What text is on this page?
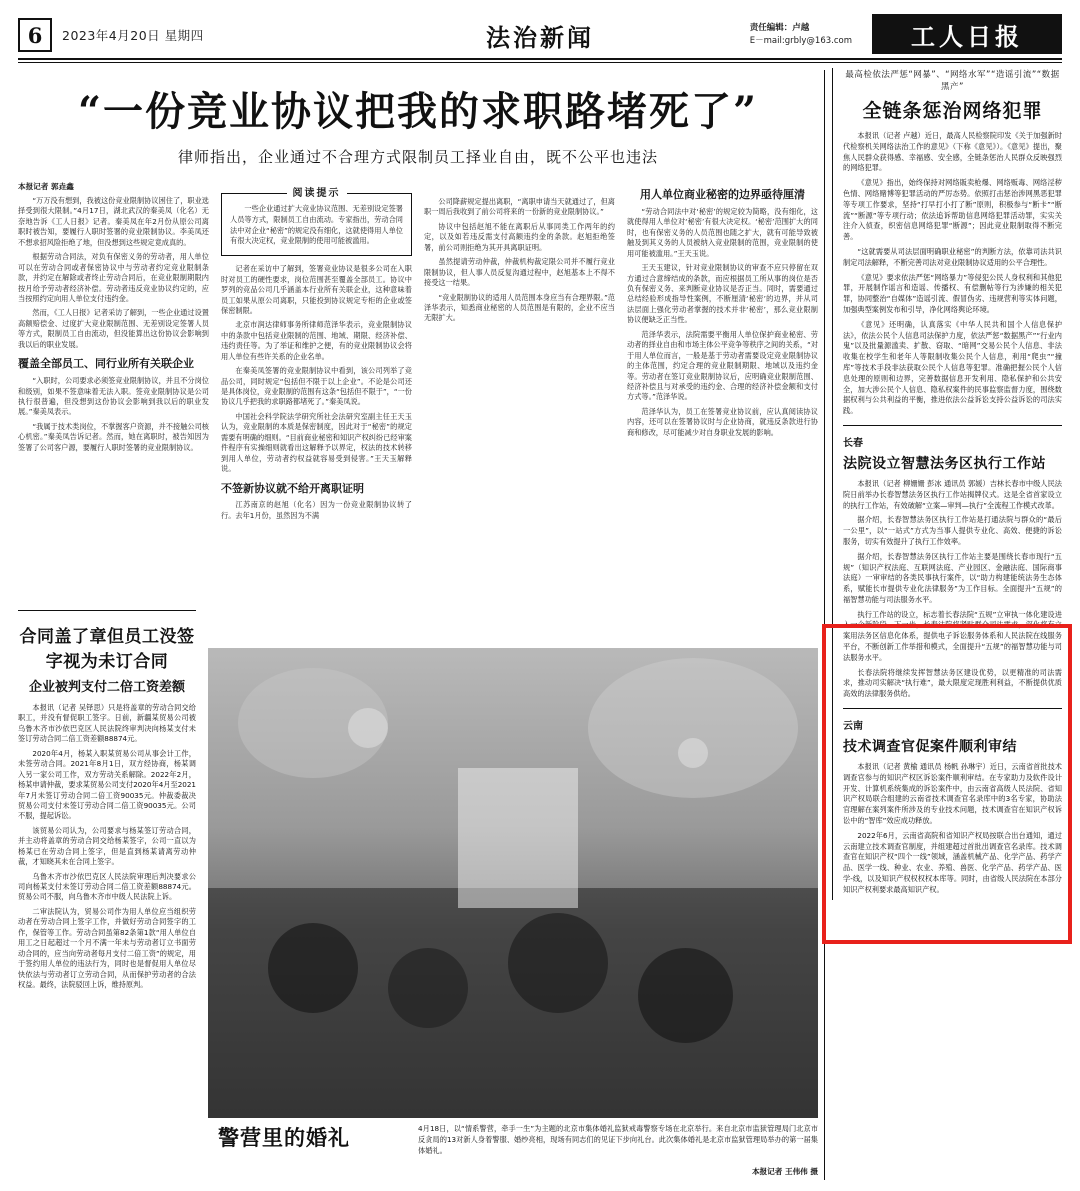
6	2023年4月20日 星期四	法治新闻	责任编辑：卢越
E－mail:grbly@163.com	工人日报
“一份竞业协议把我的求职路堵死了”
律师指出，企业通过不合理方式限制员工择业自由，既不公平也违法
本报记者 郭垚鑫

“万万没有想到，我被这份竞业限制协议困住了，职业选择受到很大限制。”4月17日，湖北武汉的秦美凤（化名）无奈地告诉《工人日报》记者。秦美凤在年2月份从原公司离职时被告知，要履行人职时签署的竞业限制协议。李美凤还不想求招风险拒绝了地，但没想到这些规定竟成真的。

根据劳动合同法，对负有保密义务的劳动者，用人单位可以在劳动合同或者保密协议中与劳动者约定竞业限制条款，并约定在解除或者终止劳动合同后，在竞业限制期限内按月给予劳动者经济补偿。劳动者违反竞业协议约定的，应当按照约定向用人单位支付违约金。

然而，《工人日报》记者采访了解到，一些企业通过设置高额赔偿金、过度扩大竞业限制范围、无差别设定签署人员等方式，限制员工自由流动，但没能算出这份协议会影响到我以后的职业发展。

覆盖全部员工、同行业所有关联企业

“入职时，公司要求必须签竞业限制协议，并且不分岗位和级别，如果不签意味着无法入职。签竞业限制协议是公司执行很普遍，但没想到这份协议会影响到我以后的职业发展。”秦美凤表示。

“我属于技术类岗位，不掌握客户资源，并不接触公司核心机密。”秦美凤告诉记者。然而，她在离职时，被告知因为签署了公司客户源，要履行人职时签署的竞业限制协议。

阅读提示

一些企业通过扩大竞业协议范围、无差别设定签署人员等方式，限制员工自由流动。专家指出，劳动合同法中对企业“秘密”的规定没有细化，这就使得用人单位有很大决定权，竞业限制的使用可能被滥用。

记者在采访中了解到，签署竞业协议是很多公司在入职时对员工的硬性要求，岗位范围甚至覆盖全部员工。协议中罗列的竞品公司几乎涵盖本行业所有关联企业，这种意味着员工如果从原公司离职，只能投到协议规定专柜的企业或签保密制限。

北京市润达律师事务所律师范泽华表示，竞业限制协议中的条款中包括竞业限制的范围、地域、期限、经济补偿、违约责任等。为了举证和维护之便，有的竞业限制协议会将用人单位有些许关系的企业名单。

在秦美凤签署的竞业限制协议中看到，该公司列举了竞品公司，同时规定“包括但不限于以上企业”。不论是公司还是具体岗位，竞业限制的范围有这条“包括但不限于”，“一份协议几乎把我的求职路都堵死了。”秦美凤说。

中国社会科学院法学研究所社会法研究室副主任王天玉认为，竞业限制的本质是保密制度，因此对于“秘密”的规定需要有明确的细则。“目前商业秘密和知识产权纠纷已经审案件程序有实操细则就看出这解释予以界定，权法的技术转移到用人单位，劳动者约权益就容易受到侵害。”王天玉解释说。

不签新协议就不给开离职证明

江苏南京的赵旭（化名）因为一份竞业限制协议转了行。去年1月份，虽然因为不满

公司降薪规定提出离职，“离职申请当天就通过了，但离职一周后我收到了前公司将来的一份新的竞业限制协议。”

协议中包括赵旭不能在离职后从事同类工作两年的约定，以及如若违反需支付高额违约金的条款。赵旭拒绝签署，前公司则拒绝为其开具离职证明。

虽然提请劳动仲裁，仲裁机构裁定限公司并不履行竞业限制协议，但人事人员反复沟通过程中，赵旭基本上不得不接受这一结果。

“竞业限制协议的适用人员范围本身应当有合理界限。”范泽华表示，知悉商业秘密的人员范围是有限的，企业不应当无限扩大。

用人单位商业秘密的边界亟待厘清

“劳动合同法中对‘秘密’的规定较为简略，没有细化，这就使得用人单位对‘秘密’有很大决定权。‘秘密’范围扩大的同时，也有保密义务的人员范围也随之扩大，就有可能导致被触及到其义务的人员被纳入竞业限制的范围，竞业限制的使用可能被滥用。”王天玉说。

王天玉建议，针对竞业限制协议的审查不应只停留在双方通过合意缔结成的条款，而应根据员工所从事的岗位是否负有保密义务、来判断竞业协议是否正当。同时，需要通过总结经验形成指导性案例，不断厘清‘秘密’的边界，并从司法层面上强化劳动者掌握的技术并非‘秘密’，那么竞业限制协议便缺乏正当性。

范泽华表示，法院需要平衡用人单位保护商业秘密、劳动者的择业自由和市场主体公平竞争等秩序之间的关系，“对于用人单位而言，一般是基于劳动者需要设定竞业限制协议的主体范围，约定合理的竞业限制期限、地域以及违约金等。劳动者在签订竞业限制协议后，应明确竞业限制范围、经济补偿且与对承受的违约金、合理的经济补偿金额和支付方式等。”范泽华说。

范泽华认为，员工在签署竞业协议前，应认真阅读协议内容，还可以在签署协议时与企业协商，就违反条款进行协商和修改，尽可能减少对自身职业发展的影响。

合同盖了章但员工没签字视为未订合同
企业被判支付二倍工资差额

本报讯（记者 吴铎思）只是将盖章的劳动合同交给职工，并没有督促职工签字。日前，新疆某贸易公司被乌鲁木齐市沙依巴克区人民法院终审判决向杨某支付未签订劳动合同二倍工资差额88874元。

2020年4月，杨某入职某贸易公司从事会计工作，未签劳动合同。2021年8月1日，双方经协商，杨某调入另一家公司工作，双方劳动关系解除。2022年2月，杨某申请仲裁，要求某贸易公司支付2020年4月至2021年7月未签订劳动合同二倍工资90035元。仲裁委裁决贸易公司支付未签订劳动合同二倍工资90035元。公司不服，提起诉讼。

该贸易公司认为，公司要求与杨某签订劳动合同，并主动将盖章的劳动合同交给杨某签字，公司一直以为杨某已在劳动合同上签字，但是直到杨某请离劳动仲裁，才知晓其未在合同上签字。

乌鲁木齐市沙依巴克区人民法院审理后判决要求公司向杨某支付未签订劳动合同二倍工资差额88874元。贸易公司不服，向乌鲁木齐市中级人民法院上诉。

二审法院认为，贸易公司作为用人单位应当组织劳动者在劳动合同上签字工作，并做好劳动合同签字的工作，保管等工作。劳动合同虽第82条第1款“用人单位自用工之日起超过一个月不满一年未与劳动者订立书面劳动合同的，应当向劳动者每月支付二倍工资”的规定，用于签约用人单位的违法行为，同时也是督促用人单位尽快依法与劳动者订立劳动合同，从而保护劳动者的合法权益。最终，法院驳回上诉，维持原判。

警营里的婚礼	4月18日，以“情系警营，牵手一生”为主题的北京市集体婚礼监狱戒毒警察专场在北京举行。来自北京市监狱管理局门北京市反贪局的13对新人身着警服、婚纱亮相，现场有同志们的见证下步向礼台。此次集体婚礼是北京市监狱管理局举办的第一届集体婚礼。
本报记者 王伟伟 摄
最高检依法严惩“网暴”、“网络水军”“造谣引流”“数据黑产”
全链条惩治网络犯罪

本报讯（记者 卢越）近日，最高人民检察院印发《关于加强新时代检察机关网络法治工作的意见》（下称《意见》）。《意见》提出，聚焦人民群众获得感、幸福感、安全感，全链条惩治人民群众反映强烈的网络犯罪。

《意见》指出，始终保持对网络販卖枪爆、网络贩毒、网络淫秽色情、网络赌博等犯罪活动的严厉态势。依照打击惩治涉网黑恶犯罪等专项工作要求，坚持“打早打小打了断”原则，积极参与“断卡”“断流”“断源”等专项行动；依法追诉帮助信息网络犯罪活动罪，实实关注介入侦查，织密信息网络犯罪“断源”；因此竞业限制取得不断完善。

“这就需要从司法层面明确职业秘密”的判断方法，依靠司法共识制定司法解释，不断完善司法对竞业限制协议适用的公平合理性。

《意见》要求依法严惩“网络暴力”等侵犯公民人身权利和其他犯罪，开展制作谣言和造谣、传播权、有偿删帖等行为涉嫌的相关犯罪，协同整治“自媒体”造谣引流、假冒伪劣、违规营利等实体问题，加强典型案例发布和引导，净化网络舆论环境。

《意见》还明确，认真落实《中华人民共和国个人信息保护法》，依法公民个人信息司法保护力度，依法严惩“数据黑产”“行业内鬼”以及批量源滥卖、扩散、窃取、“暗网”交易公民个人信息、非法收集在校学生和老年人等限制收集公民个人信息，利用“爬虫”“撞库”等技术手段非法获取公民个人信息等犯罪。准确把握公民个人信息处理的原则和边界，完善数据信息开发利用、隐私保护和公共安全，加大涉公民个人信息、隐私权案件的民事监察监督力度，围绕数据权利与公共利益的平衡，推进依法公益诉讼支持公益诉讼的司法实践。

长春
法院设立智慧法务区执行工作站

本报讯（记者 柳姗姗 彭冰 通讯员 郭媛）吉林长春市中级人民法院日前举办长春智慧法务区执行工作站揭牌仪式。这是全省首家设立的执行工作站，有效破解“立案—审判—执行”全流程工作模式改革。

据介绍，长春智慧法务区执行工作站是打通法院与群众的“最后一公里”，以“一站式”方式为当事人提供专业化、高效、便捷的诉讼服务，切实有效提升了执行工作效率。

据介绍，长春智慧法务区执行工作站主要是围绕长春市现行“五规”（知识产权法庭、互联网法庭、产业园区、金融法庭、国际商事法庭）一审审结的各类民事执行案件，以“助力构建能统法务生态体系，赋能长市提供专业化法律服务”为工作目标。全面提升“五规”的福智慧功能与司法服务水平。

执行工作站的设立，标志着长春法院“五规”立审执一体化建设进入一个新阶段。下一步，长春法院将紧贴群众司法需求，深化将有立案用法务区信息化体系，提供电子诉讼服务体系和人民法院在线服务平台，不断创新工作举措和模式，全面提升“五规”的福智慧功能与司法服务水平。

长春法院将继续发挥智慧法务区建设优势，以更精准的司法需求，推动司实解决“执行难”，最大限度定现胜利利益，不断提供优质高效的法律服务供给。

云南
技术调查官促案件顺利审结

本报讯（记者 黄榆 通讯员 杨帆 孙琳宇）近日，云南省首批技术调查官参与的知识产权区诉讼案件顺利审结。在专家助力及软件设计开发、计算机系统集成的诉讼案件中，由云南省高级人民法院、省知识产权局联合组建的云南省技术调查官名录库中的3名专家，协助法官理解在案列案件所涉及的专业技术问题，技术调查官在知识产权诉讼中的“智库”效应成功释放。

2022年6月，云南省高院和省知识产权局按联合出台通知，通过云南建立技术调查官制度，并组建超过首批出调查官名录库。技术调查官在知识产权“四个一线”领域，涵盖机械产品、化学产品、药学产品、医学一线、种业、农业、养殖、兽医、化学产品、药学产品、医学-线，以及知识产权权权权本库等。同时，由省级人民法院在本部分知识产权利要求最高知识产权。
